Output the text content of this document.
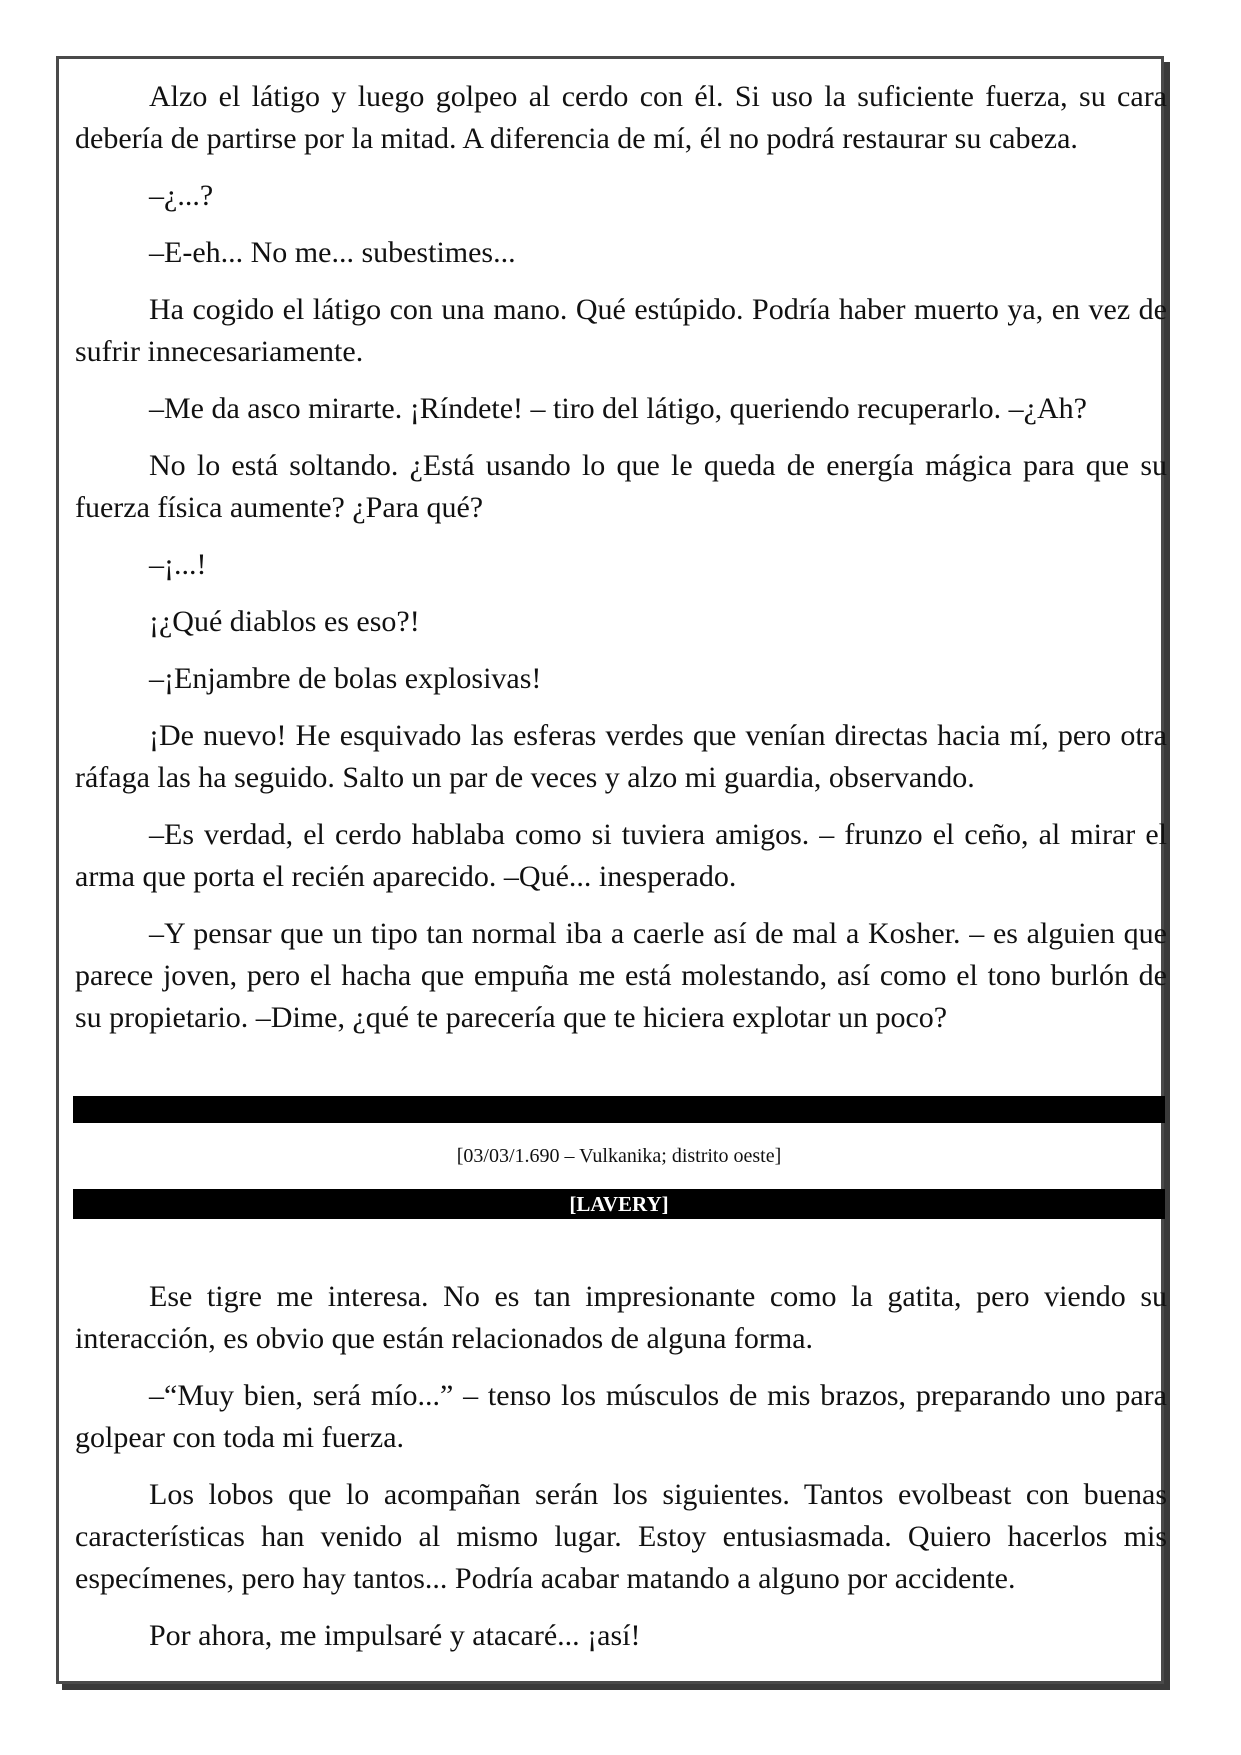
Alzo el látigo y luego golpeo al cerdo con él. Si uso la suficiente fuerza, su cara debería de partirse por la mitad. A diferencia de mí, él no podrá restaurar su cabeza.

–¿...?

–E-eh... No me... subestimes...

Ha cogido el látigo con una mano. Qué estúpido. Podría haber muerto ya, en vez de sufrir innecesariamente.

–Me da asco mirarte. ¡Ríndete! – tiro del látigo, queriendo recuperarlo. –¿Ah?

No lo está soltando. ¿Está usando lo que le queda de energía mágica para que su fuerza física aumente? ¿Para qué?

–¡...!

¡¿Qué diablos es eso?!

–¡Enjambre de bolas explosivas!

¡De nuevo! He esquivado las esferas verdes que venían directas hacia mí, pero otra ráfaga las ha seguido. Salto un par de veces y alzo mi guardia, observando.

–Es verdad, el cerdo hablaba como si tuviera amigos. – frunzo el ceño, al mirar el arma que porta el recién aparecido. –Qué... inesperado.

–Y pensar que un tipo tan normal iba a caerle así de mal a Kosher. – es alguien que parece joven, pero el hacha que empuña me está molestando, así como el tono burlón de su propietario. –Dime, ¿qué te parecería que te hiciera explotar un poco?

[03/03/1.690 – Vulkanika; distrito oeste]
[LAVERY]

Ese tigre me interesa. No es tan impresionante como la gatita, pero viendo su interacción, es obvio que están relacionados de alguna forma.

–“Muy bien, será mío...” – tenso los músculos de mis brazos, preparando uno para golpear con toda mi fuerza.

Los lobos que lo acompañan serán los siguientes. Tantos evolbeast con buenas características han venido al mismo lugar. Estoy entusiasmada. Quiero hacerlos mis especímenes, pero hay tantos... Podría acabar matando a alguno por accidente.

Por ahora, me impulsaré y atacaré... ¡así!
